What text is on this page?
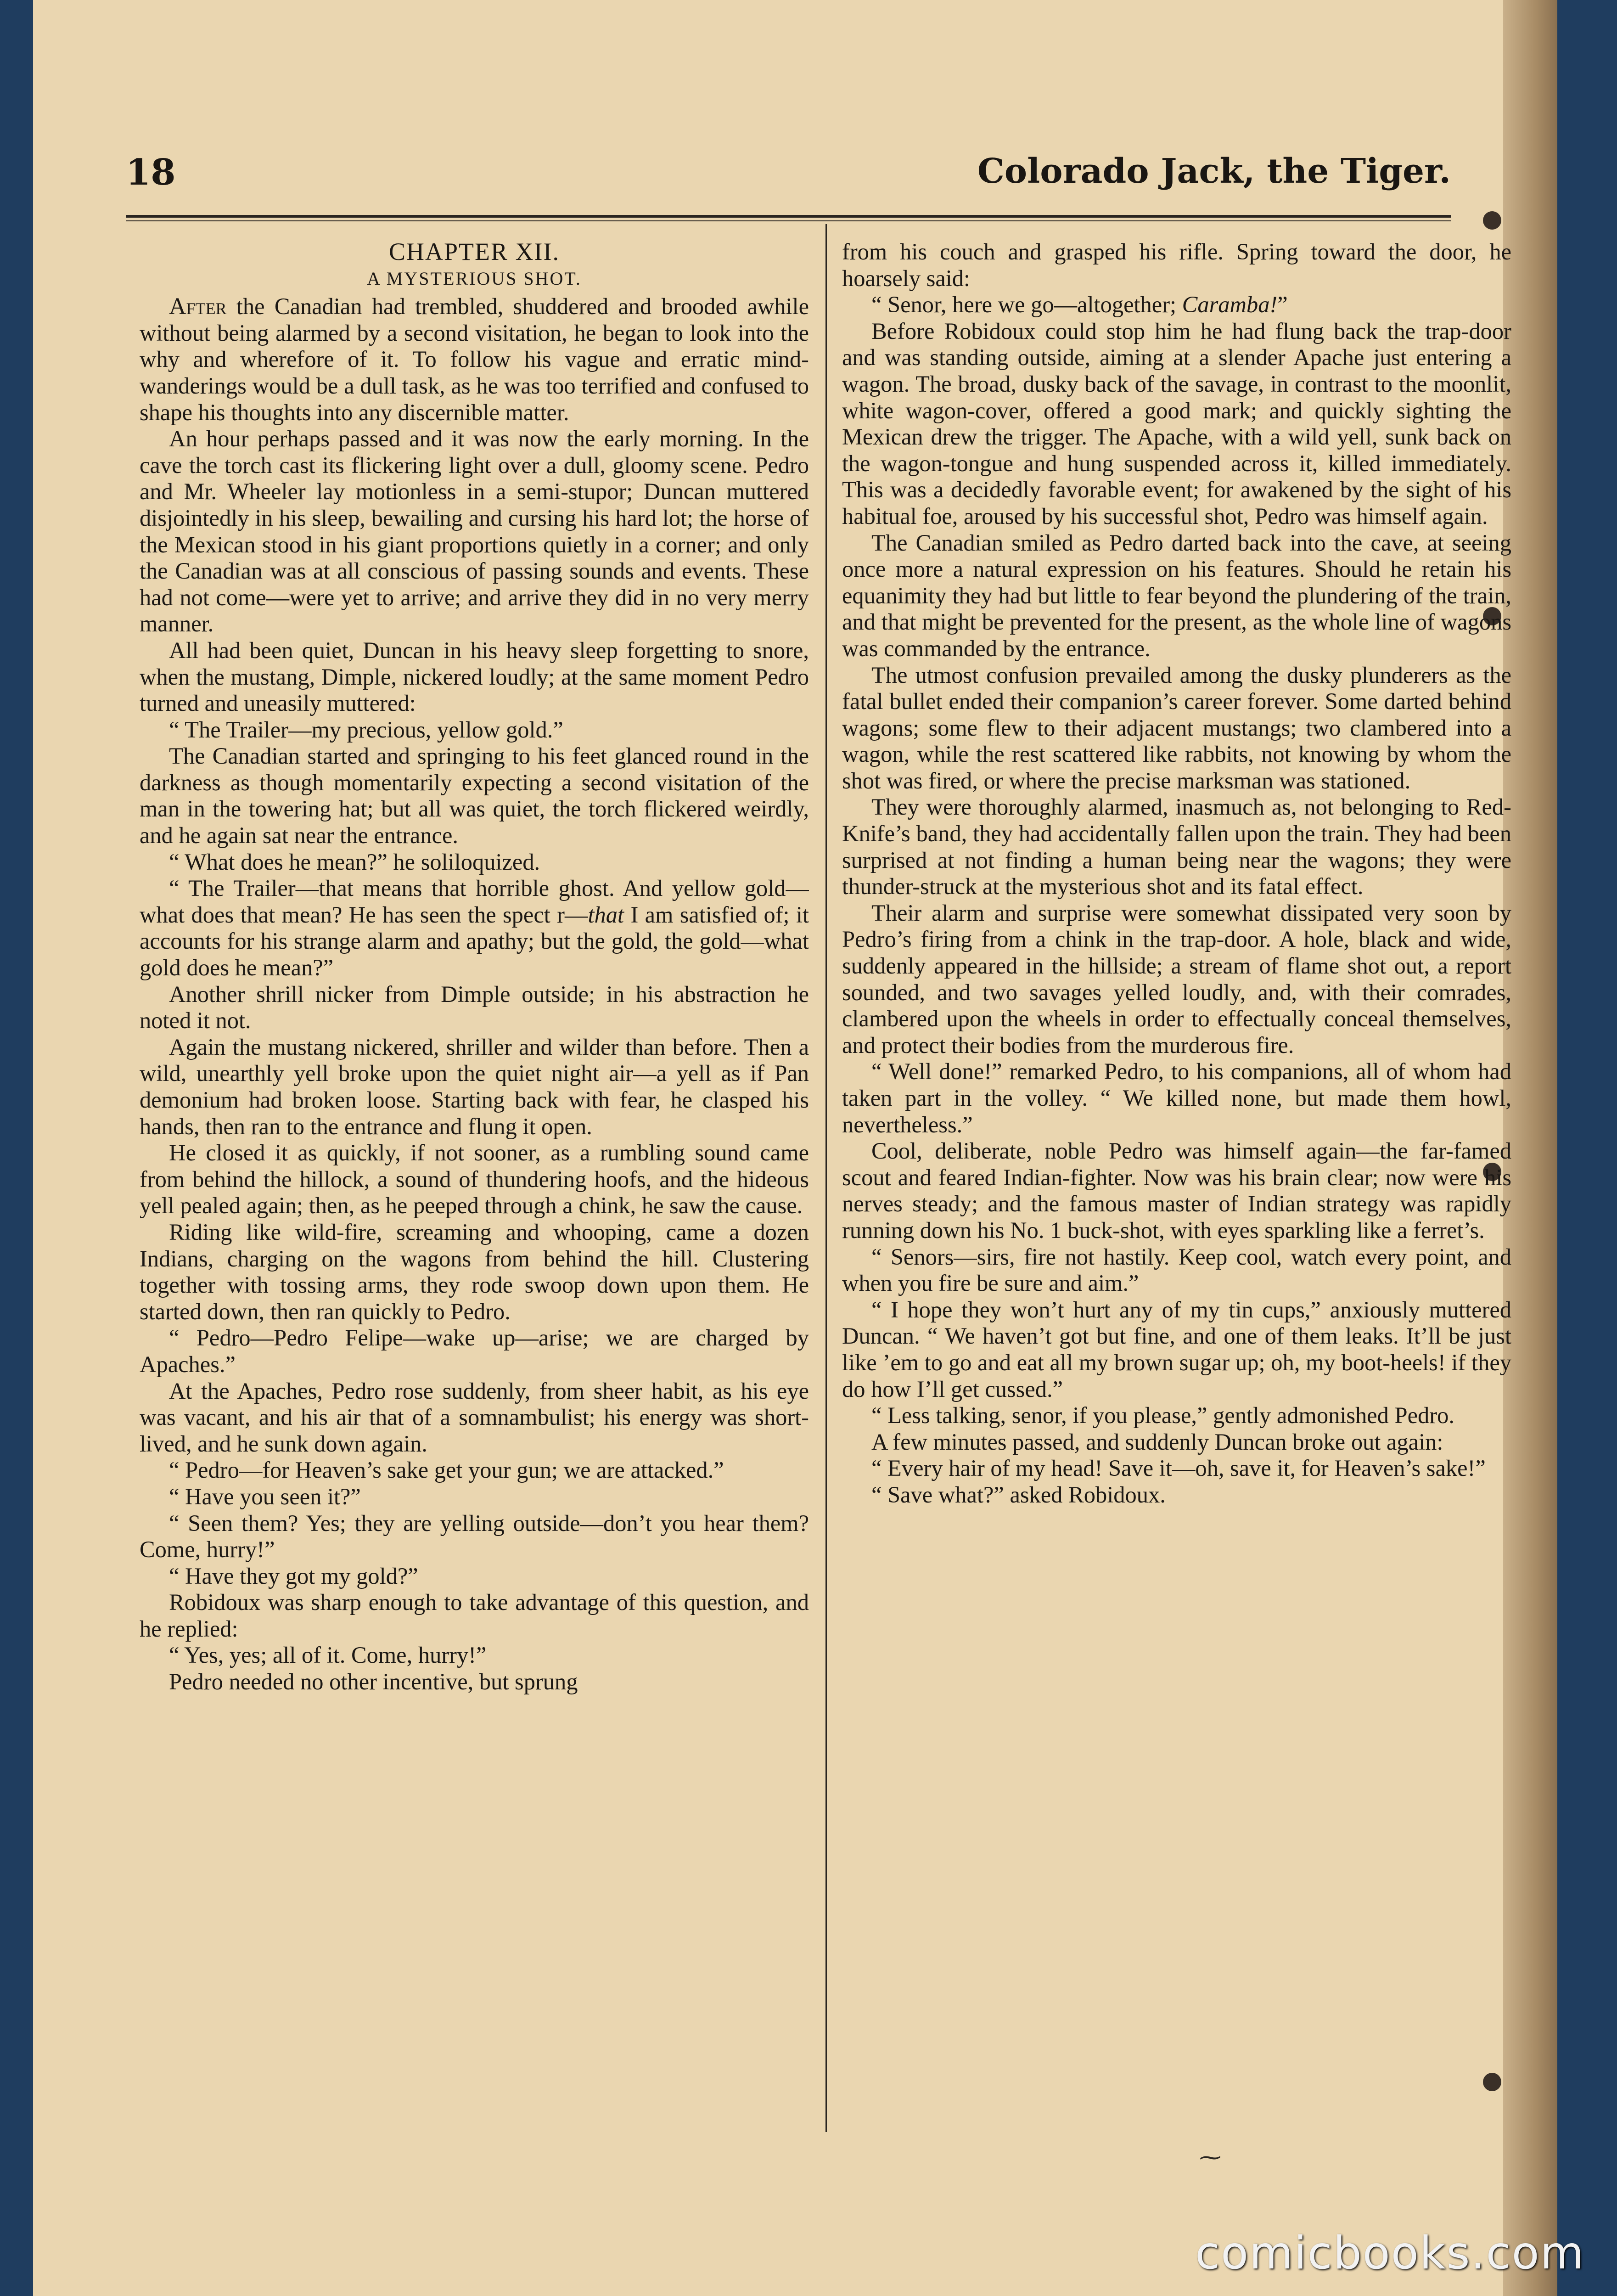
18	Colorado Jack, the Tiger.

CHAPTER XII.

A MYSTERIOUS SHOT.

After the Canadian had trembled, shuddered and brooded awhile without being alarmed by a second visitation, he began to look into the why and wherefore of it. To follow his vague and erratic mind-wanderings would be a dull task, as he was too terrified and confused to shape his thoughts into any discernible matter.

An hour perhaps passed and it was now the early morning. In the cave the torch cast its flickering light over a dull, gloomy scene. Pedro and Mr. Wheeler lay motionless in a semi-stupor; Duncan muttered disjointedly in his sleep, bewailing and cursing his hard lot; the horse of the Mexican stood in his giant proportions quietly in a corner; and only the Canadian was at all conscious of passing sounds and events. These had not come—were yet to arrive; and arrive they did in no very merry manner.

All had been quiet, Duncan in his heavy sleep forgetting to snore, when the mustang, Dimple, nickered loudly; at the same moment Pedro turned and uneasily muttered:

“ The Trailer—my precious, yellow gold.”

The Canadian started and springing to his feet glanced round in the darkness as though momentarily expecting a second visitation of the man in the towering hat; but all was quiet, the torch flickered weirdly, and he again sat near the entrance.

“ What does he mean?” he soliloquized.

“ The Trailer—that means that horrible ghost. And yellow gold—what does that mean? He has seen the spect r—that I am satisfied of; it accounts for his strange alarm and apathy; but the gold, the gold—what gold does he mean?”

Another shrill nicker from Dimple outside; in his abstraction he noted it not.

Again the mustang nickered, shriller and wilder than before. Then a wild, unearthly yell broke upon the quiet night air—a yell as if Pan demonium had broken loose. Starting back with fear, he clasped his hands, then ran to the entrance and flung it open.

He closed it as quickly, if not sooner, as a rumbling sound came from behind the hillock, a sound of thundering hoofs, and the hideous yell pealed again; then, as he peeped through a chink, he saw the cause.

Riding like wild-fire, screaming and whooping, came a dozen Indians, charging on the wagons from behind the hill. Clustering together with tossing arms, they rode swoop down upon them. He started down, then ran quickly to Pedro.

“ Pedro—Pedro Felipe—wake up—arise; we are charged by Apaches.”

At the Apaches, Pedro rose suddenly, from sheer habit, as his eye was vacant, and his air that of a somnambulist; his energy was short-lived, and he sunk down again.

“ Pedro—for Heaven’s sake get your gun; we are attacked.”

“ Have you seen it?”

“ Seen them? Yes; they are yelling outside—don’t you hear them? Come, hurry!”

“ Have they got my gold?”

Robidoux was sharp enough to take advantage of this question, and he replied:

“ Yes, yes; all of it. Come, hurry!”

Pedro needed no other incentive, but sprung

from his couch and grasped his rifle. Spring toward the door, he hoarsely said:

“ Senor, here we go—altogether; Caramba!”

Before Robidoux could stop him he had flung back the trap-door and was standing outside, aiming at a slender Apache just entering a wagon. The broad, dusky back of the savage, in contrast to the moonlit, white wagon-cover, offered a good mark; and quickly sighting the Mexican drew the trigger. The Apache, with a wild yell, sunk back on the wagon-tongue and hung suspended across it, killed immediately. This was a decidedly favorable event; for awakened by the sight of his habitual foe, aroused by his successful shot, Pedro was himself again.

The Canadian smiled as Pedro darted back into the cave, at seeing once more a natural expression on his features. Should he retain his equanimity they had but little to fear beyond the plundering of the train, and that might be prevented for the present, as the whole line of wagons was commanded by the entrance.

The utmost confusion prevailed among the dusky plunderers as the fatal bullet ended their companion’s career forever. Some darted behind wagons; some flew to their adjacent mustangs; two clambered into a wagon, while the rest scattered like rabbits, not knowing by whom the shot was fired, or where the precise marksman was stationed.

They were thoroughly alarmed, inasmuch as, not belonging to Red-Knife’s band, they had accidentally fallen upon the train. They had been surprised at not finding a human being near the wagons; they were thunder-struck at the mysterious shot and its fatal effect.

Their alarm and surprise were somewhat dissipated very soon by Pedro’s firing from a chink in the trap-door. A hole, black and wide, suddenly appeared in the hillside; a stream of flame shot out, a report sounded, and two savages yelled loudly, and, with their comrades, clambered upon the wheels in order to effectually conceal themselves, and protect their bodies from the murderous fire.

“ Well done!” remarked Pedro, to his companions, all of whom had taken part in the volley. “ We killed none, but made them howl, nevertheless.”

Cool, deliberate, noble Pedro was himself again—the far-famed scout and feared Indian-fighter. Now was his brain clear; now were his nerves steady; and the famous master of Indian strategy was rapidly running down his No. 1 buck-shot, with eyes sparkling like a ferret’s.

“ Senors—sirs, fire not hastily. Keep cool, watch every point, and when you fire be sure and aim.”

“ I hope they won’t hurt any of my tin cups,” anxiously muttered Duncan. “ We haven’t got but fine, and one of them leaks. It’ll be just like ’em to go and eat all my brown sugar up; oh, my boot-heels! if they do how I’ll get cussed.”

“ Less talking, senor, if you please,” gently admonished Pedro.

A few minutes passed, and suddenly Duncan broke out again:

“ Every hair of my head! Save it—oh, save it, for Heaven’s sake!”

“ Save what?” asked Robidoux.

⁓
comicbooks.com
